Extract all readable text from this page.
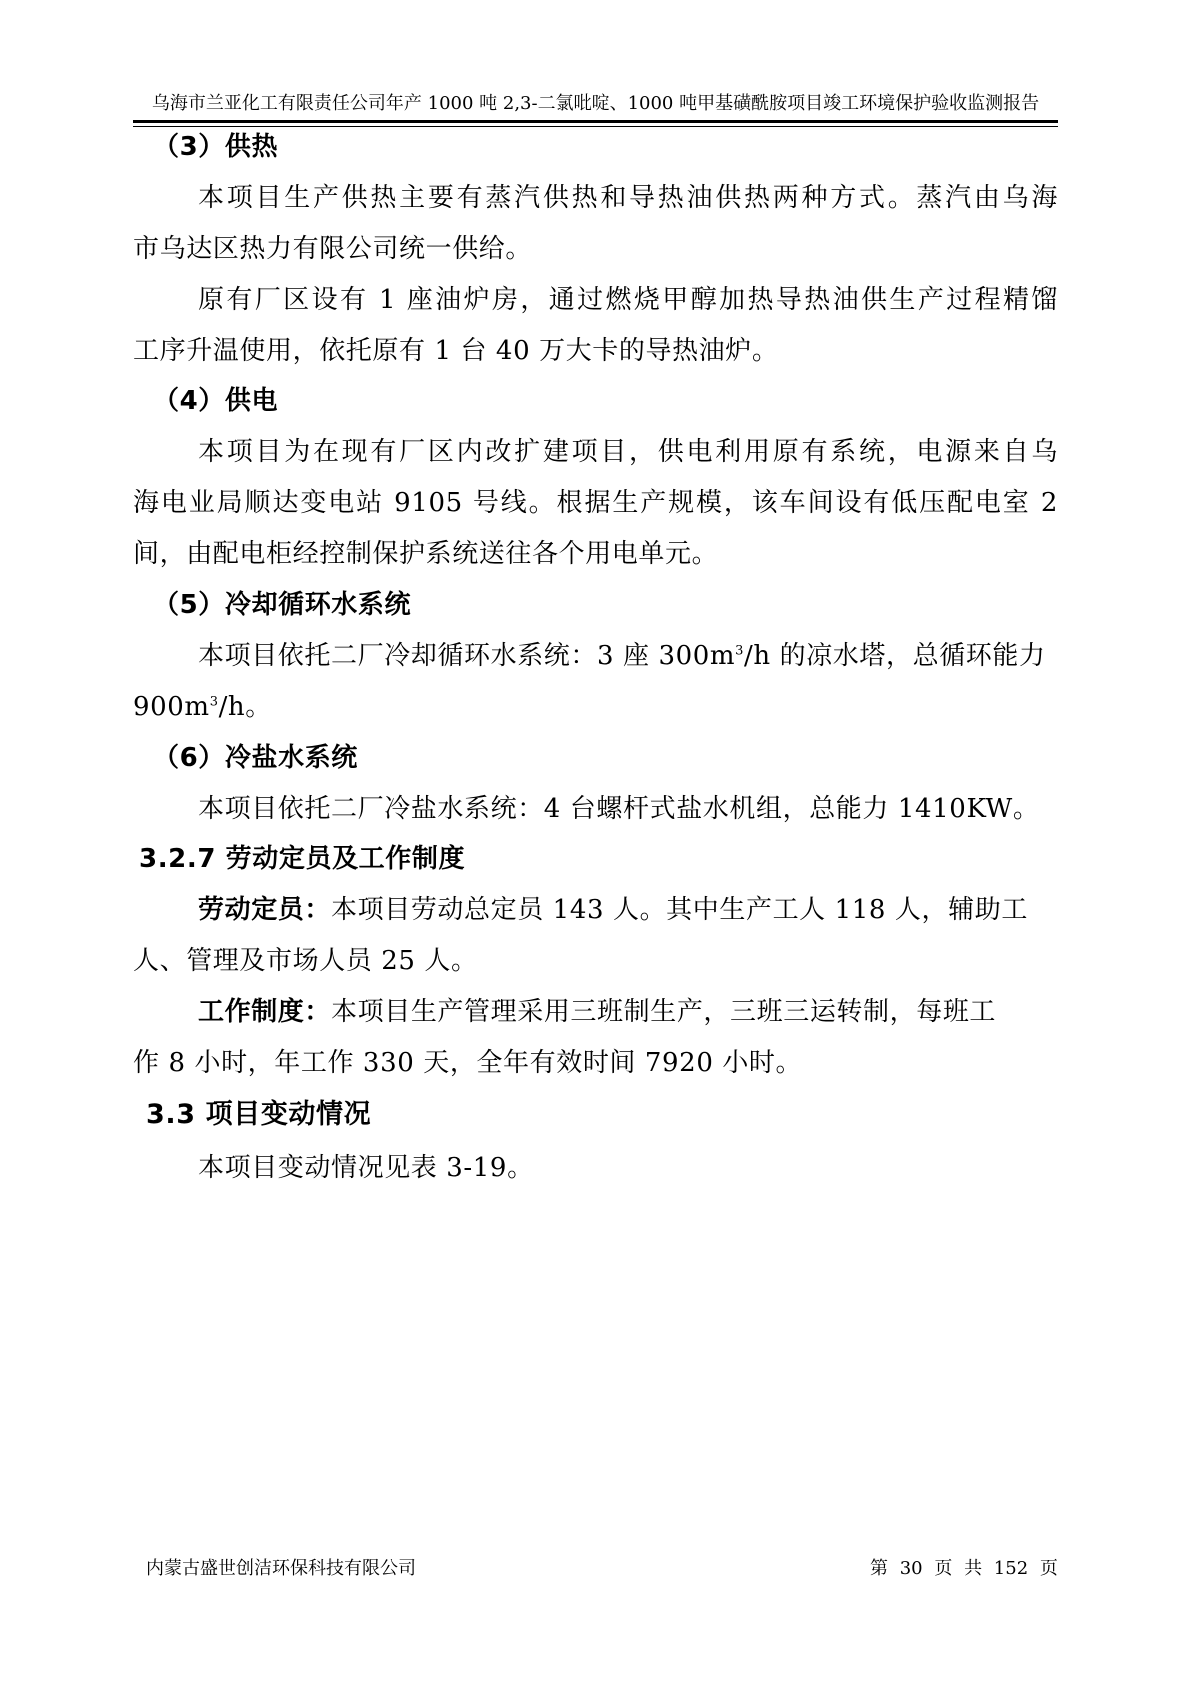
乌海市兰亚化工有限责任公司年产 1000 吨 2,3-二氯吡啶、1000 吨甲基磺酰胺项目竣工环境保护验收监测报告
（3）供热
本项目生产供热主要有蒸汽供热和导热油供热两种方式。蒸汽由乌海
市乌达区热力有限公司统一供给。
原有厂区设有 1 座油炉房，通过燃烧甲醇加热导热油供生产过程精馏
工序升温使用，依托原有 1 台 40 万大卡的导热油炉。
（4）供电
本项目为在现有厂区内改扩建项目，供电利用原有系统，电源来自乌
海电业局顺达变电站 9105 号线。根据生产规模，该车间设有低压配电室 2
间，由配电柜经控制保护系统送往各个用电单元。
（5）冷却循环水系统
本项目依托二厂冷却循环水系统：3 座 $300m^3/h$ 的凉水塔，总循环能力
$900m^3/h$。
（6）冷盐水系统
本项目依托二厂冷盐水系统：4 台螺杆式盐水机组，总能力 1410KW。
3.2.7 劳动定员及工作制度
劳动定员：本项目劳动总定员 143 人。其中生产工人 118 人，辅助工
人、管理及市场人员 25 人。
工作制度：本项目生产管理采用三班制生产，三班三运转制，每班工
作 8 小时，年工作 330 天，全年有效时间 7920 小时。
3.3 项目变动情况
本项目变动情况见表 3-19。
内蒙古盛世创洁环保科技有限公司	第 30 页 共 152 页
